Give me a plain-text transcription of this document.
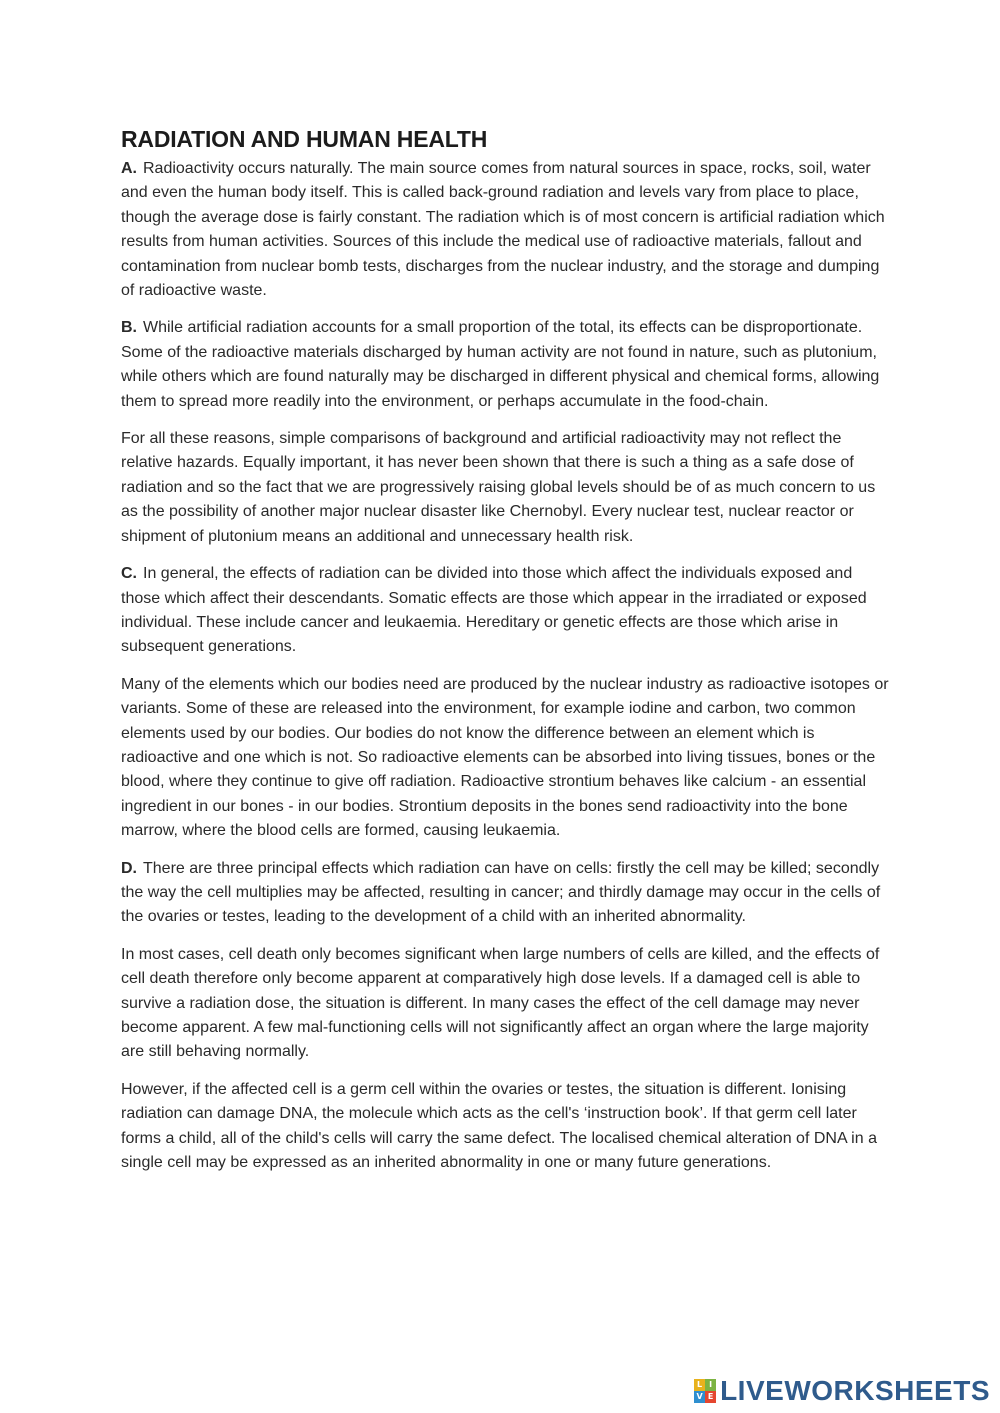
RADIATION AND HUMAN HEALTH

A. Radioactivity occurs naturally. The main source comes from natural sources in space, rocks, soil, water and even the human body itself. This is called back-ground radiation and levels vary from place to place, though the average dose is fairly constant. The radiation which is of most concern is artificial radiation which results from human activities. Sources of this include the medical use of radioactive materials, fallout and contamination from nuclear bomb tests, discharges from the nuclear industry, and the storage and dumping of radioactive waste.

B. While artificial radiation accounts for a small proportion of the total, its effects can be disproportionate. Some of the radioactive materials discharged by human activity are not found in nature, such as plutonium, while others which are found naturally may be discharged in different physical and chemical forms, allowing them to spread more readily into the environment, or perhaps accumulate in the food-chain.

For all these reasons, simple comparisons of background and artificial radioactivity may not reflect the relative hazards. Equally important, it has never been shown that there is such a thing as a safe dose of radiation and so the fact that we are progressively raising global levels should be of as much concern to us as the possibility of another major nuclear disaster like Chernobyl. Every nuclear test, nuclear reactor or shipment of plutonium means an additional and unnecessary health risk.

C. In general, the effects of radiation can be divided into those which affect the individuals exposed and those which affect their descendants. Somatic effects are those which appear in the irradiated or exposed individual. These include cancer and leukaemia. Hereditary or genetic effects are those which arise in subsequent generations.

Many of the elements which our bodies need are produced by the nuclear industry as radioactive isotopes or variants. Some of these are released into the environment, for example iodine and carbon, two common elements used by our bodies. Our bodies do not know the difference between an element which is radioactive and one which is not. So radioactive elements can be absorbed into living tissues, bones or the blood, where they continue to give off radiation. Radioactive strontium behaves like calcium - an essential ingredient in our bones - in our bodies. Strontium deposits in the bones send radioactivity into the bone marrow, where the blood cells are formed, causing leukaemia.

D. There are three principal effects which radiation can have on cells: firstly the cell may be killed; secondly the way the cell multiplies may be affected, resulting in cancer; and thirdly damage may occur in the cells of the ovaries or testes, leading to the development of a child with an inherited abnormality.

In most cases, cell death only becomes significant when large numbers of cells are killed, and the effects of cell death therefore only become apparent at comparatively high dose levels. If a damaged cell is able to survive a radiation dose, the situation is different. In many cases the effect of the cell damage may never become apparent. A few mal-functioning cells will not significantly affect an organ where the large majority are still behaving normally.

However, if the affected cell is a germ cell within the ovaries or testes, the situation is different. Ionising radiation can damage DNA, the molecule which acts as the cell's ‘instruction book’. If that germ cell later forms a child, all of the child's cells will carry the same defect. The localised chemical alteration of DNA in a single cell may be expressed as an inherited abnormality in one or many future generations.

L I
V E LIVEWORKSHEETS
